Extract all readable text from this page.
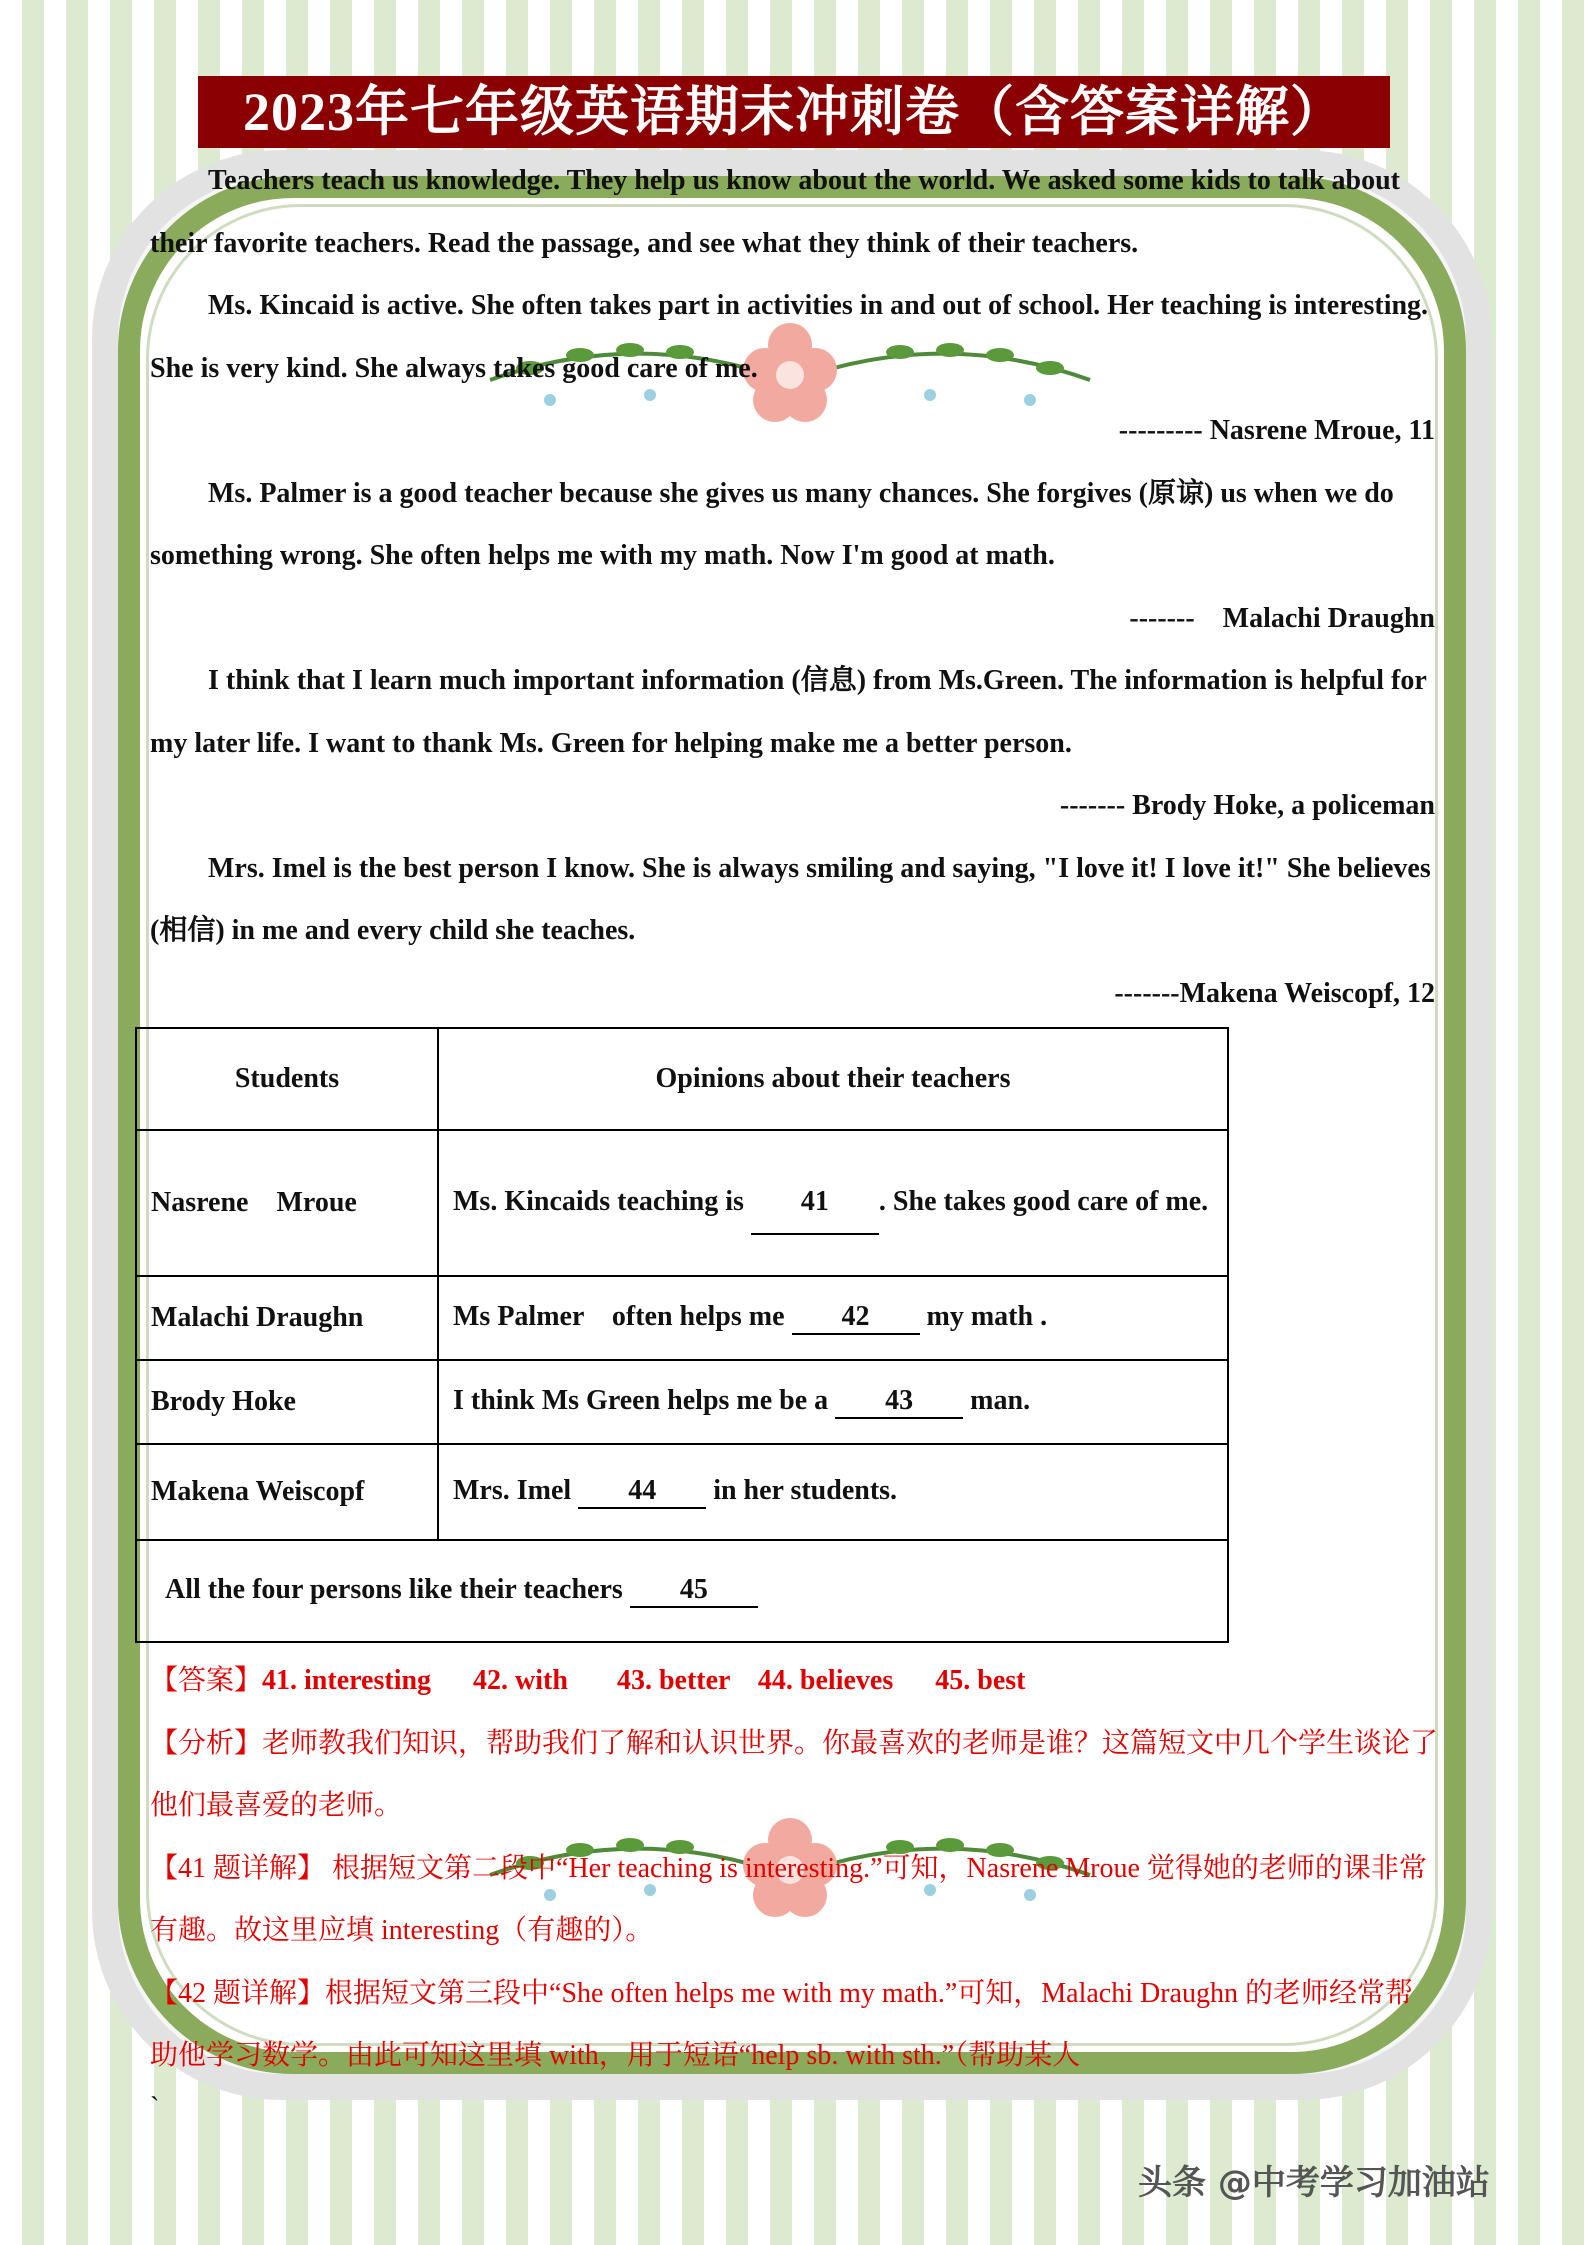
2023年七年级英语期末冲刺卷（含答案详解）

Teachers teach us knowledge. They help us know about the world. We asked some kids to talk about their favorite teachers. Read the passage, and see what they think of their teachers.

Ms. Kincaid is active. She often takes part in activities in and out of school. Her teaching is interesting. She is very kind. She always takes good care of me.

--------- Nasrene Mroue, 11

Ms. Palmer is a good teacher because she gives us many chances. She forgives (原谅) us when we do something wrong. She often helps me with my math. Now I'm good at math.

-------    Malachi Draughn

I think that I learn much important information (信息) from Ms.Green. The information is helpful for my later life. I want to thank Ms. Green for helping make me a better person.

------- Brody Hoke, a policeman

Mrs. Imel is the best person I know. She is always smiling and saying, "I love it! I love it!" She believes (相信) in me and every child she teaches.

-------Makena Weiscopf, 12

Students	Opinions about their teachers
Nasrene    Mroue	Ms. Kincaids teaching is 41 . She takes good care of me.
Malachi Draughn	Ms Palmer    often helps me 42 my math .
Brody Hoke	I think Ms Green helps me be a 43 man.
Makena Weiscopf	Mrs. Imel 44 in her students.
All the four persons like their teachers 45	

【答案】41. interesting      42. with       43. better    44. believes      45. best

【分析】老师教我们知识，帮助我们了解和认识世界。你最喜欢的老师是谁？这篇短文中几个学生谈论了他们最喜爱的老师。

【41 题详解】 根据短文第二段中“Her teaching is interesting.”可知，Nasrene Mroue 觉得她的老师的课非常有趣。故这里应填 interesting（有趣的）。

【42 题详解】根据短文第三段中“She often helps me with my math.”可知，Malachi Draughn 的老师经常帮助他学习数学。由此可知这里填 with，用于短语“help sb. with sth.”（帮助某人

`

头条 @中考学习加油站
